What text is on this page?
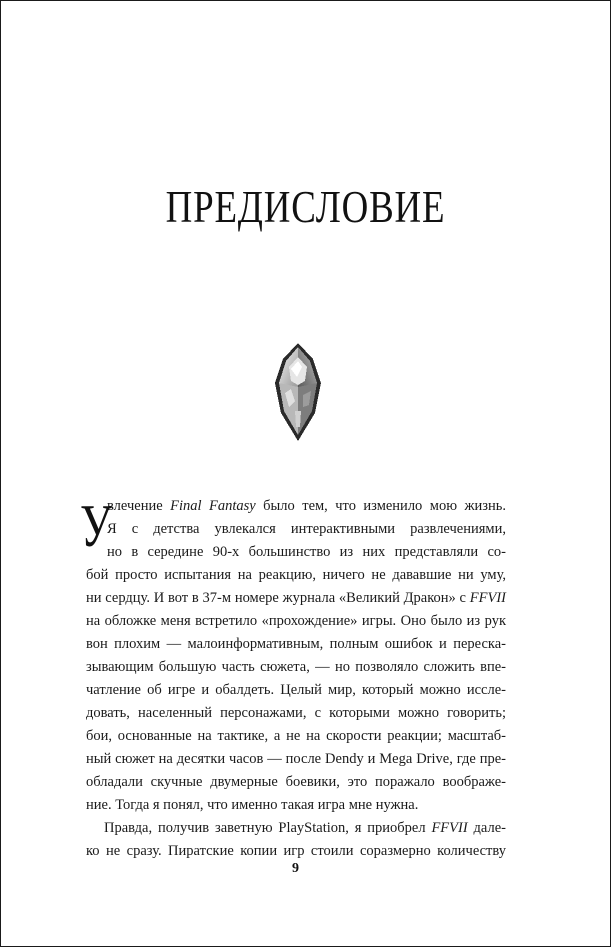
ПРЕДИСЛОВИЕ
У
влечение Final Fantasy было тем, что изменило мою жизнь.
Я с детства увлекался интерактивными развлечениями,
но в середине 90-х большинство из них представляли со-
бой просто испытания на реакцию, ничего не дававшие ни уму,
ни сердцу. И вот в 37-м номере журнала «Великий Дракон» с FFVII
на обложке меня встретило «прохождение» игры. Оно было из рук
вон плохим — малоинформативным, полным ошибок и переска-
зывающим большую часть сюжета, — но позволяло сложить впе-
чатление об игре и обалдеть. Целый мир, который можно иссле-
довать, населенный персонажами, с которыми можно говорить;
бои, основанные на тактике, а не на скорости реакции; масштаб-
ный сюжет на десятки часов — после Dendy и Mega Drive, где пре-
обладали скучные двумерные боевики, это поражало воображе-
ние. Тогда я понял, что именно такая игра мне нужна.
Правда, получив заветную PlayStation, я приобрел FFVII дале-
ко не сразу. Пиратские копии игр стоили соразмерно количеству
9
